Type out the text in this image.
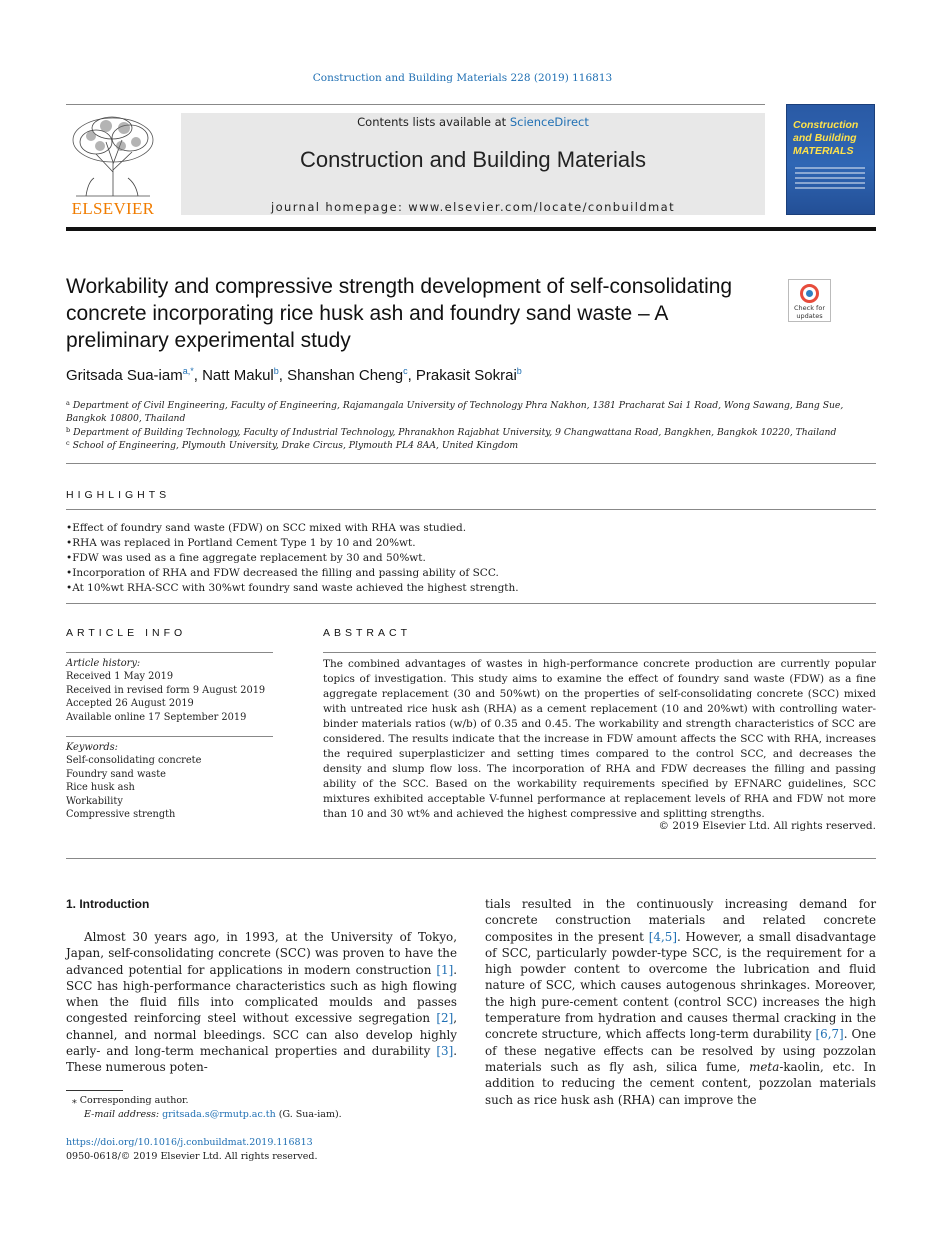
Construction and Building Materials 228 (2019) 116813
ELSEVIER
Contents lists available at ScienceDirect
Construction and Building Materials
journal homepage: www.elsevier.com/locate/conbuildmat
Construction and Building MATERIALS
Workability and compressive strength development of self-consolidating concrete incorporating rice husk ash and foundry sand waste – A preliminary experimental study
Check for updates
Gritsada Sua-iam$^{a,*}$, Natt Makul$^b$, Shanshan Cheng$^c$, Prakasit Sokrai$^b$
$^a$ Department of Civil Engineering, Faculty of Engineering, Rajamangala University of Technology Phra Nakhon, 1381 Pracharat Sai 1 Road, Wong Sawang, Bang Sue, Bangkok 10800, Thailand
$^b$ Department of Building Technology, Faculty of Industrial Technology, Phranakhon Rajabhat University, 9 Changwattana Road, Bangkhen, Bangkok 10220, Thailand
$^c$ School of Engineering, Plymouth University, Drake Circus, Plymouth PL4 8AA, United Kingdom
HIGHLIGHTS
• Effect of foundry sand waste (FDW) on SCC mixed with RHA was studied.
• RHA was replaced in Portland Cement Type 1 by 10 and 20%wt.
• FDW was used as a fine aggregate replacement by 30 and 50%wt.
• Incorporation of RHA and FDW decreased the filling and passing ability of SCC.
• At 10%wt RHA-SCC with 30%wt foundry sand waste achieved the highest strength.
ARTICLE INFO
Article history:
Received 1 May 2019
Received in revised form 9 August 2019
Accepted 26 August 2019
Available online 17 September 2019
Keywords:
Self-consolidating concrete
Foundry sand waste
Rice husk ash
Workability
Compressive strength
ABSTRACT
The combined advantages of wastes in high-performance concrete production are currently popular topics of investigation. This study aims to examine the effect of foundry sand waste (FDW) as a fine aggregate replacement (30 and 50%wt) on the properties of self-consolidating concrete (SCC) mixed with untreated rice husk ash (RHA) as a cement replacement (10 and 20%wt) with controlling water-binder materials ratios (w/b) of 0.35 and 0.45. The workability and strength characteristics of SCC are considered. The results indicate that the increase in FDW amount affects the SCC with RHA, increases the required superplasticizer and setting times compared to the control SCC, and decreases the density and slump flow loss. The incorporation of RHA and FDW decreases the filling and passing ability of the SCC. Based on the workability requirements specified by EFNARC guidelines, SCC mixtures exhibited acceptable V-funnel performance at replacement levels of RHA and FDW not more than 10 and 30 wt% and achieved the highest compressive and splitting strengths.
© 2019 Elsevier Ltd. All rights reserved.
1. Introduction
Almost 30 years ago, in 1993, at the University of Tokyo, Japan, self-consolidating concrete (SCC) was proven to have the advanced potential for applications in modern construction [1]. SCC has high-performance characteristics such as high flowing when the fluid fills into complicated moulds and passes congested reinforcing steel without excessive segregation [2], channel, and normal bleedings. SCC can also develop highly early- and long-term mechanical properties and durability [3]. These numerous poten-
tials resulted in the continuously increasing demand for concrete construction materials and related concrete composites in the present [4,5]. However, a small disadvantage of SCC, particularly powder-type SCC, is the requirement for a high powder content to overcome the lubrication and fluid nature of SCC, which causes autogenous shrinkages. Moreover, the high pure-cement content (control SCC) increases the high temperature from hydration and causes thermal cracking in the concrete structure, which affects long-term durability [6,7]. One of these negative effects can be resolved by using pozzolan materials such as fly ash, silica fume, meta-kaolin, etc. In addition to reducing the cement content, pozzolan materials such as rice husk ash (RHA) can improve the
⁎ Corresponding author.
E-mail address: gritsada.s@rmutp.ac.th (G. Sua-iam).
https://doi.org/10.1016/j.conbuildmat.2019.116813
0950-0618/© 2019 Elsevier Ltd. All rights reserved.
